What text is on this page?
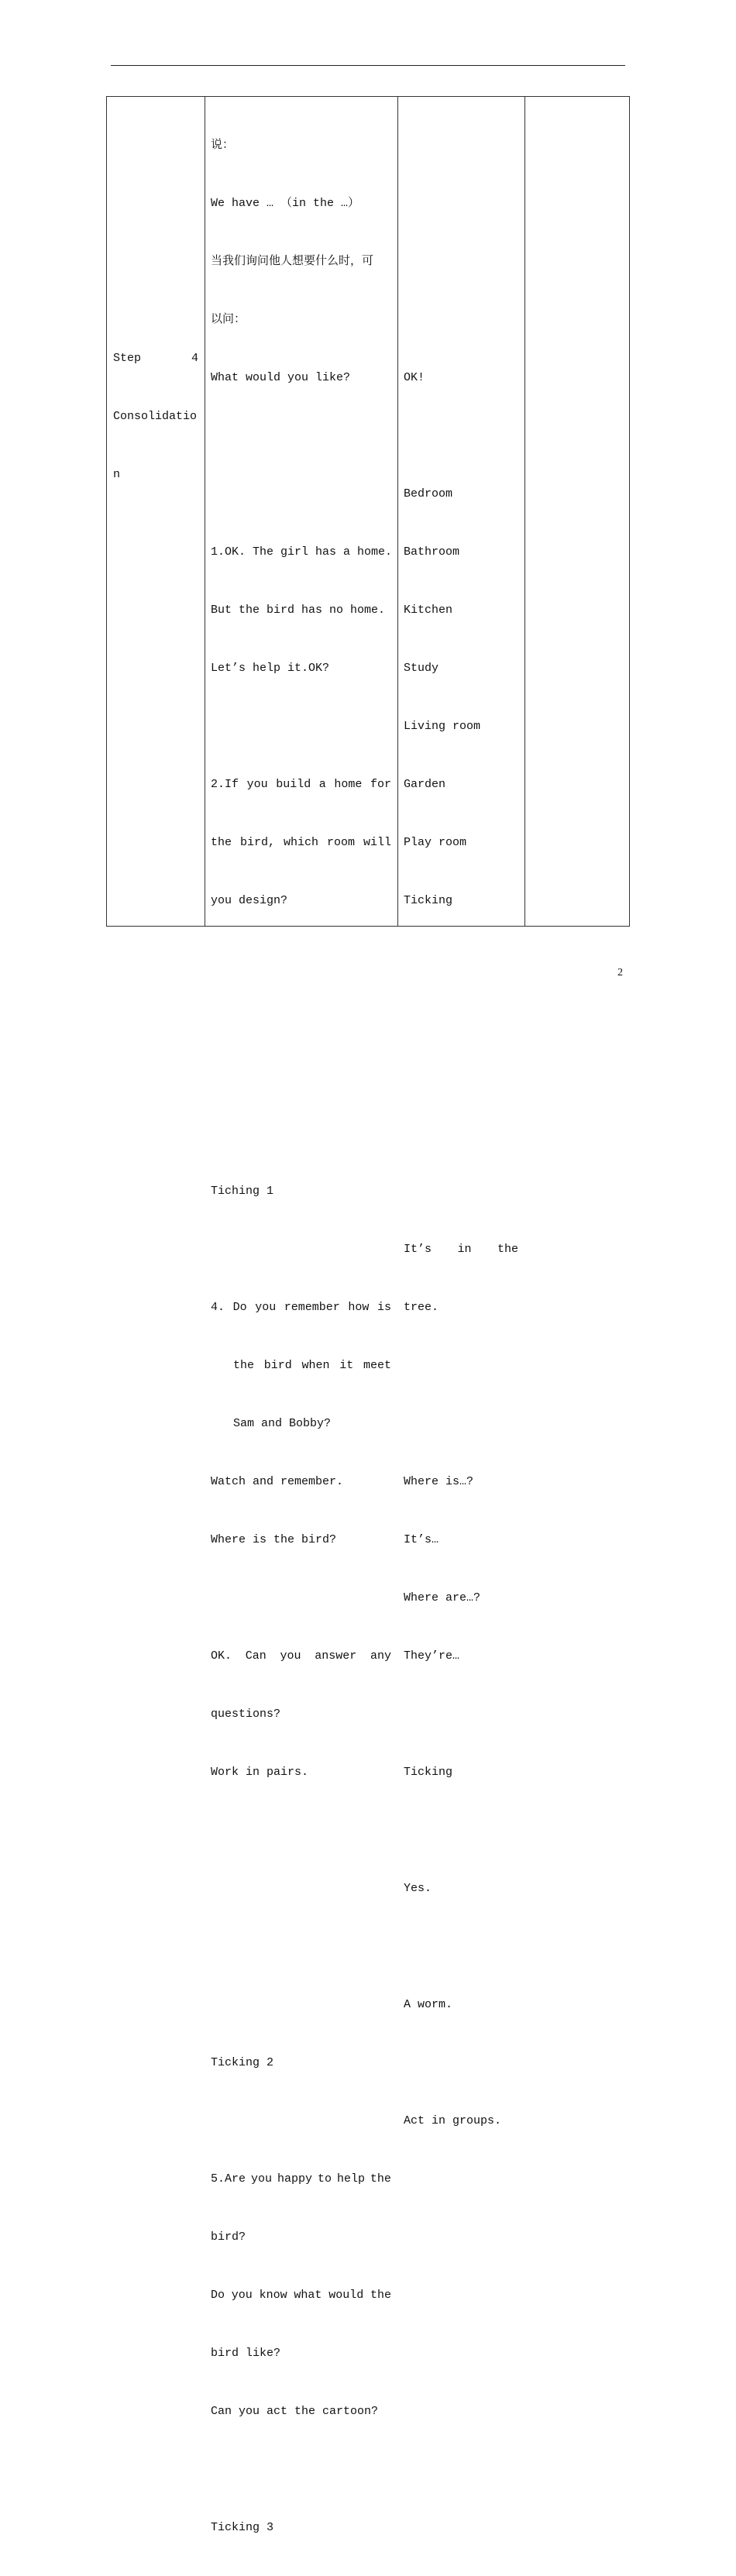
Step	4

Consolidatio

n

说：

We have … （in the …）

当我们询问他人想要什么时，可

以问：

What would you like?

1.OK. The girl has a home.

But the bird has no home.

Let’s help it.OK?

2.If you build a home for

the bird, which room will

you design?

Tiching 1

4. Do you remember how is

the bird when it meet

Sam and Bobby?

Watch and remember.

Where is the bird?

OK. Can you answer any

questions?

Work in pairs.

Ticking 2

5.Are you happy to help the

bird?

Do you know what would the

bird like?

Can you act the cartoon?

Ticking 3

OK!

Bedroom

Bathroom

Kitchen

Study

Living room

Garden

Play room

Ticking

It’s in the

tree.

Where is…?

It’s…

Where are…?

They’re…

Ticking

Yes.

A worm.

Act in groups.

2
